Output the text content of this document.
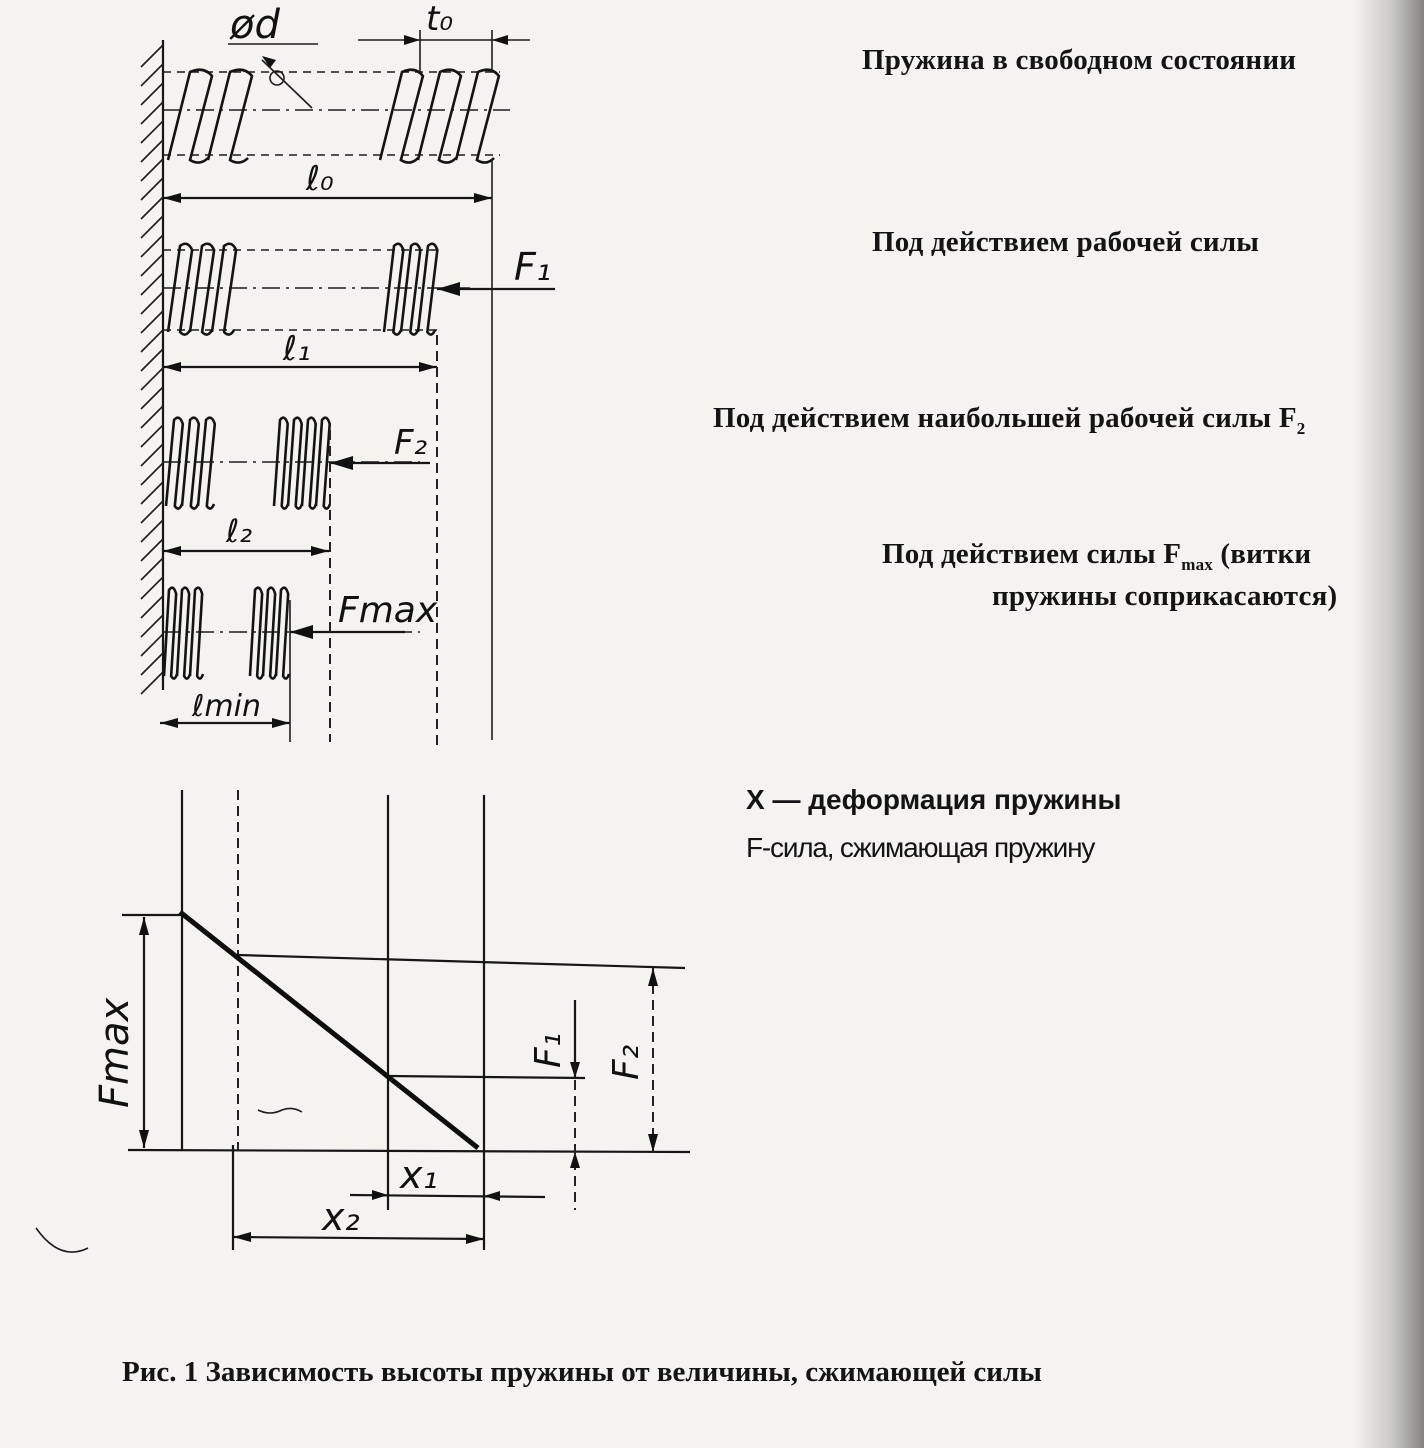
ød	t₀
ℓ₀
ℓ₁
ℓ₂
ℓmin
F₁
F₂
Fmax
Fmax	F₁ F₂
x₁
x₂
Пружина в свободном состоянии
Под действием рабочей силы
Под действием наибольшей рабочей силы $F_2$
Под действием силы $F_{max}$ (витки
пружины соприкасаются)
X — деформация пружины
F-сила, сжимающая пружину
Рис. 1 Зависимость высоты пружины от величины, сжимающей силы
